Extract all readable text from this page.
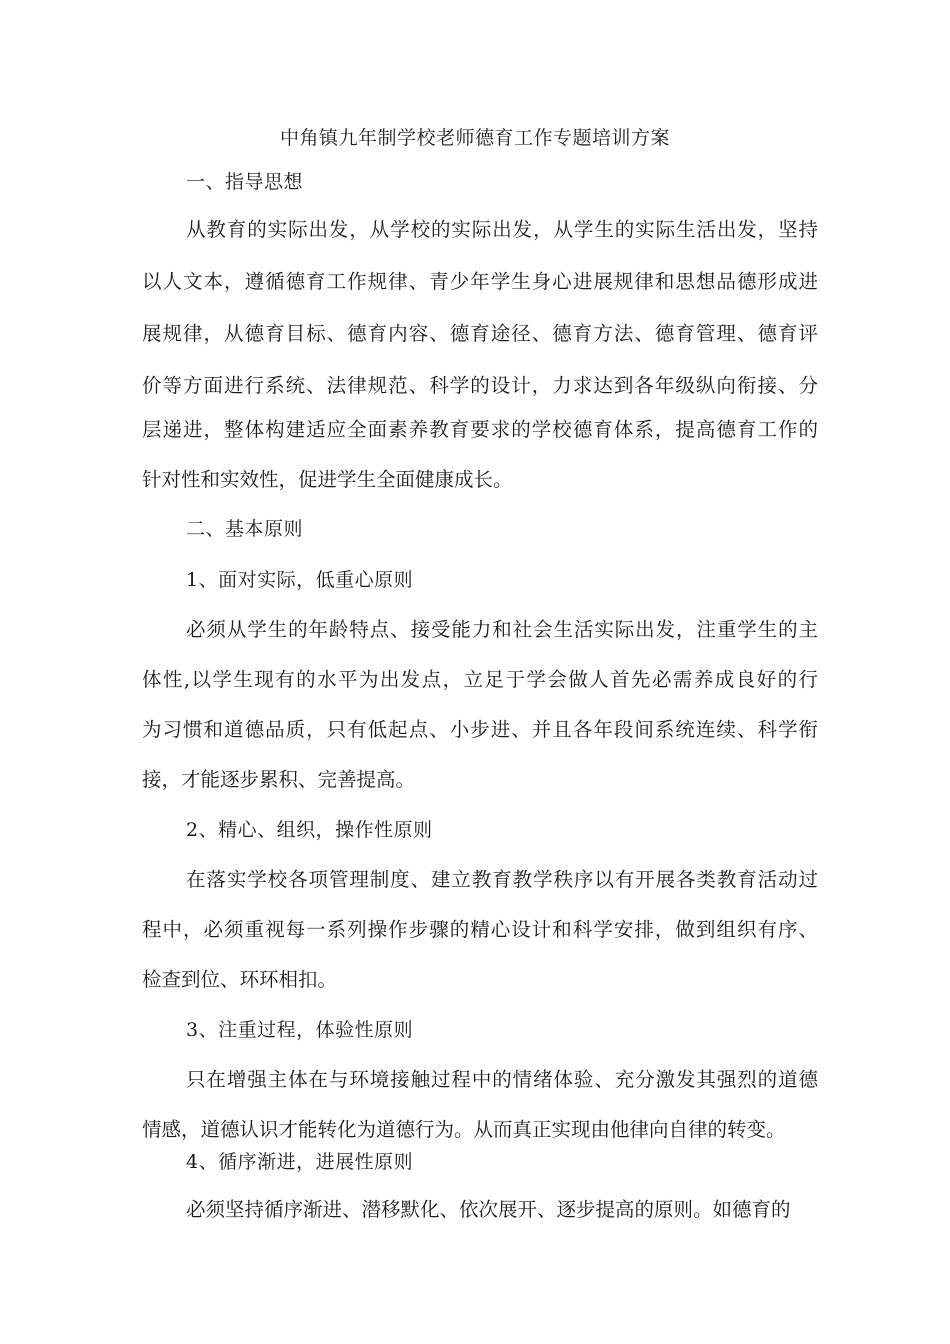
中角镇九年制学校老师德育工作专题培训方案
一、指导思想
从教育的实际出发，从学校的实际出发，从学生的实际生活出发，坚持
以人文本，遵循德育工作规律、青少年学生身心进展规律和思想品德形成进
展规律，从德育目标、德育内容、德育途径、德育方法、德育管理、德育评
价等方面进行系统、法律规范、科学的设计，力求达到各年级纵向衔接、分
层递进，整体构建适应全面素养教育要求的学校德育体系，提高德育工作的
针对性和实效性，促进学生全面健康成长。
二、基本原则
1、面对实际，低重心原则
必须从学生的年龄特点、接受能力和社会生活实际出发，注重学生的主
体性,以学生现有的水平为出发点，立足于学会做人首先必需养成良好的行
为习惯和道德品质，只有低起点、小步进、并且各年段间系统连续、科学衔
接，才能逐步累积、完善提高。
2、精心、组织，操作性原则
在落实学校各项管理制度、建立教育教学秩序以有开展各类教育活动过
程中，必须重视每一系列操作步骤的精心设计和科学安排，做到组织有序、
检查到位、环环相扣。
3、注重过程，体验性原则
只在增强主体在与环境接触过程中的情绪体验、充分激发其强烈的道德
情感，道德认识才能转化为道德行为。从而真正实现由他律向自律的转变。
4、循序渐进，进展性原则
必须坚持循序渐进、潜移默化、依次展开、逐步提高的原则。如德育的
